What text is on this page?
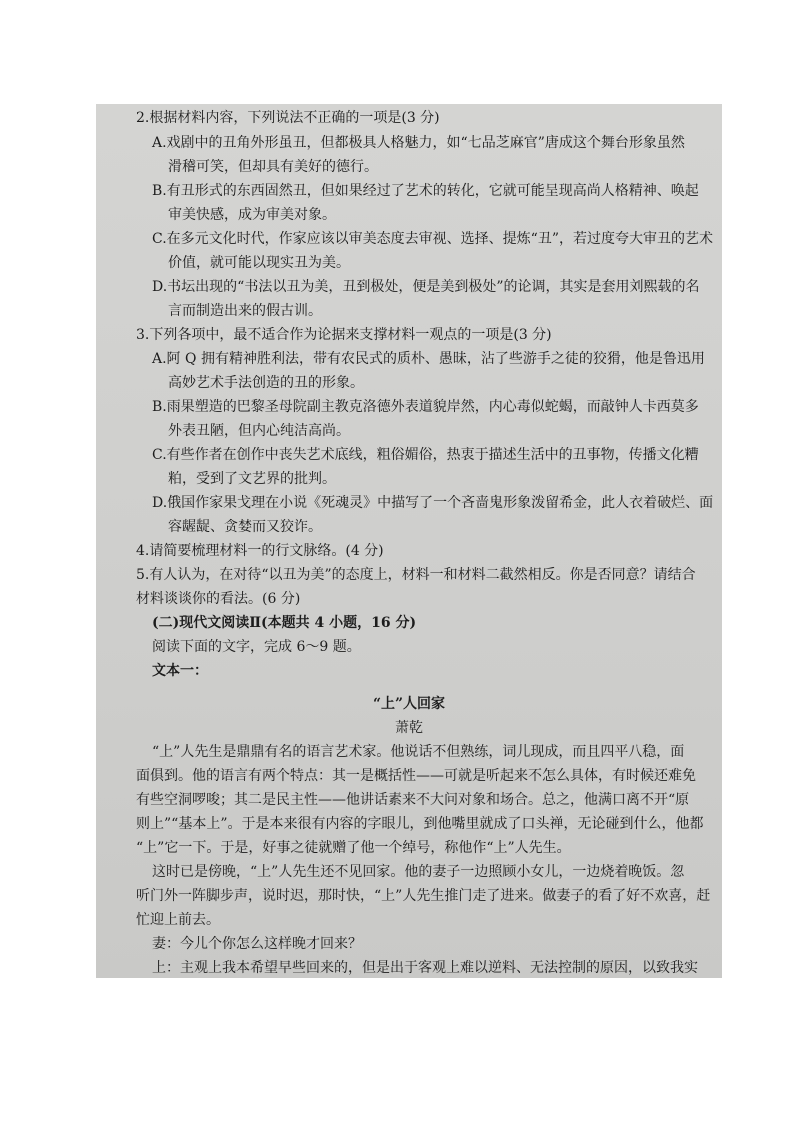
2.根据材料内容，下列说法不正确的一项是(3 分)
A.戏剧中的丑角外形虽丑，但都极具人格魅力，如“七品芝麻官”唐成这个舞台形象虽然
滑稽可笑，但却具有美好的德行。
B.有丑形式的东西固然丑，但如果经过了艺术的转化，它就可能呈现高尚人格精神、唤起
审美快感，成为审美对象。
C.在多元文化时代，作家应该以审美态度去审视、选择、提炼“丑”，若过度夸大审丑的艺术
价值，就可能以现实丑为美。
D.书坛出现的“书法以丑为美，丑到极处，便是美到极处”的论调，其实是套用刘熙载的名
言而制造出来的假古训。
3.下列各项中，最不适合作为论据来支撑材料一观点的一项是(3 分)
A.阿 Q 拥有精神胜利法，带有农民式的质朴、愚昧，沾了些游手之徒的狡猾，他是鲁迅用
高妙艺术手法创造的丑的形象。
B.雨果塑造的巴黎圣母院副主教克洛德外表道貌岸然，内心毒似蛇蝎，而敲钟人卡西莫多
外表丑陋，但内心纯洁高尚。
C.有些作者在创作中丧失艺术底线，粗俗媚俗，热衷于描述生活中的丑事物，传播文化糟
粕，受到了文艺界的批判。
D.俄国作家果戈理在小说《死魂灵》中描写了一个吝啬鬼形象泼留希金，此人衣着破烂、面
容龌龊、贪婪而又狡诈。
4.请简要梳理材料一的行文脉络。(4 分)
5.有人认为，在对待“以丑为美”的态度上，材料一和材料二截然相反。你是否同意？请结合
材料谈谈你的看法。(6 分)
(二)现代文阅读Ⅱ(本题共 4 小题，16 分)
阅读下面的文字，完成 6～9 题。
文本一：
“上”人回家
萧乾
“上”人先生是鼎鼎有名的语言艺术家。他说话不但熟练，词儿现成，而且四平八稳，面
面俱到。他的语言有两个特点：其一是概括性——可就是听起来不怎么具体，有时候还难免
有些空洞啰唆；其二是民主性——他讲话素来不大问对象和场合。总之，他满口离不开“原
则上”“基本上”。于是本来很有内容的字眼儿，到他嘴里就成了口头禅，无论碰到什么，他都
“上”它一下。于是，好事之徒就赠了他一个绰号，称他作“上”人先生。
这时已是傍晚，“上”人先生还不见回家。他的妻子一边照顾小女儿，一边烧着晚饭。忽
听门外一阵脚步声，说时迟，那时快，“上”人先生推门走了进来。做妻子的看了好不欢喜，赶
忙迎上前去。
妻：今儿个你怎么这样晚才回来？
上：主观上我本希望早些回来的，但是出于客观上难以逆料、无法控制的原因，以致我实
